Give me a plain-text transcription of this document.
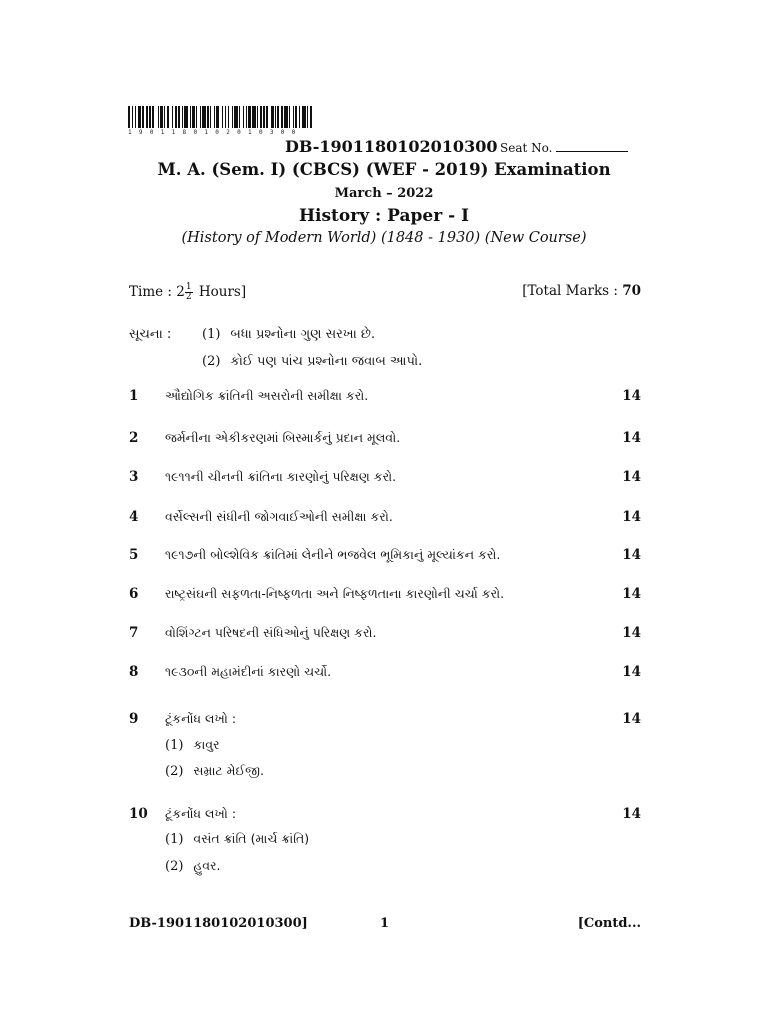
1901180102010300
DB-1901180102010300 Seat No.
M. A. (Sem. I) (CBCS) (WEF - 2019) Examination
March – 2022
History : Paper - I
(History of Modern World) (1848 - 1930) (New Course)
Time : $2 \frac{1}{2}$ Hours]	[Total Marks : 70
સૂચના : (1) બધા પ્રશ્નોના ગુણ સરખા છે.
(2) કોઈ પણ પાંચ પ્રશ્નોના જવાબ આપો.
1 ઔદ્યોગિક ક્રાંતિની અસરોની સમીક્ષા કરો.	14
2 જર્મનીના એકીકરણમાં બિસ્માર્કનું પ્રદાન મૂલવો.	14
3 ૧૯૧૧ની ચીનની ક્રાંતિના કારણોનું પરિક્ષણ કરો.	14
4 વર્સેલ્સની સંધીની જોગવાઈઓની સમીક્ષા કરો.	14
5 ૧૯૧૭ની બોલ્શેવિક ક્રાંતિમાં લેનીને ભજવેલ ભૂમિકાનું મૂલ્યાંકન કરો.	14
6 રાષ્ટ્રસંઘની સફળતા-નિષ્ફળતા અને નિષ્ફળતાના કારણોની ચર્ચા કરો.	14
7 વોશિંગ્ટન પરિષદની સંધિઓનું પરિક્ષણ કરો.	14
8 ૧૯૩૦ની મહામંદીનાં કારણો ચર્ચો.	14
9 ટૂંકનોંધ લખો :	14
(1) કાવુર
(2) સમ્રાટ મેઈજી.
10 ટૂંકનોંધ લખો :	14
(1) વસંત ક્રાંતિ (માર્ચ ક્રાંતિ)
(2) હુવર.
DB-1901180102010300]	1	[Contd...
